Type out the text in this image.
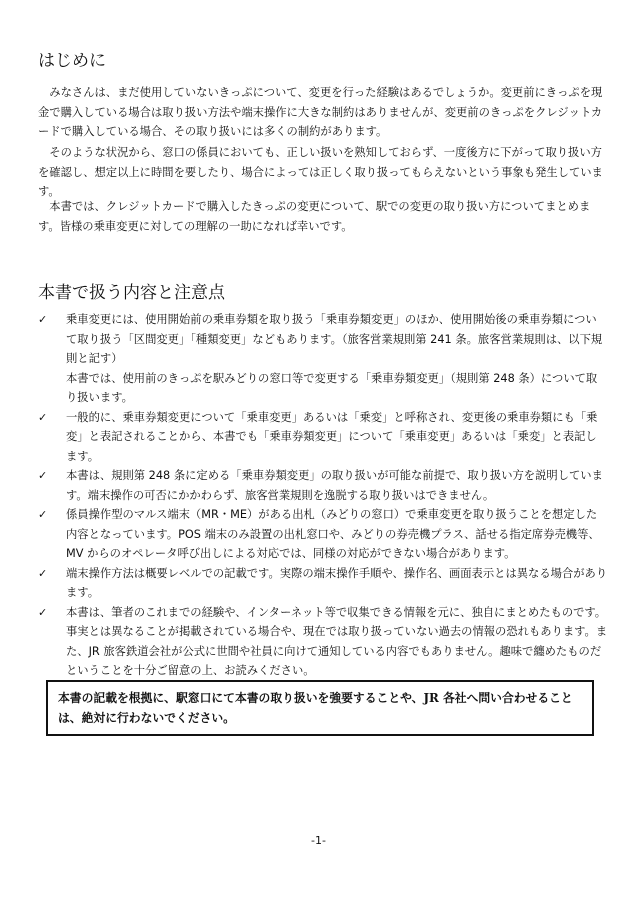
はじめに

みなさんは、まだ使用していないきっぷについて、変更を行った経験はあるでしょうか。変更前にきっぷを現金で購入している場合は取り扱い方法や端末操作に大きな制約はありませんが、変更前のきっぷをクレジットカードで購入している場合、その取り扱いには多くの制約があります。

そのような状況から、窓口の係員においても、正しい扱いを熟知しておらず、一度後方に下がって取り扱い方を確認し、想定以上に時間を要したり、場合によっては正しく取り扱ってもらえないという事象も発生しています。

本書では、クレジットカードで購入したきっぷの変更について、駅での変更の取り扱い方についてまとめます。皆様の乗車変更に対しての理解の一助になれば幸いです。

本書で扱う内容と注意点
✓ 乗車変更には、使用開始前の乗車券類を取り扱う「乗車券類変更」のほか、使用開始後の乗車券類について取り扱う「区間変更」「種類変更」などもあります。（旅客営業規則第 241 条。旅客営業規則は、以下規則と記す）
本書では、使用前のきっぷを駅みどりの窓口等で変更する「乗車券類変更」（規則第 248 条）について取り扱います。
✓ 一般的に、乗車券類変更について「乗車変更」あるいは「乗変」と呼称され、変更後の乗車券類にも「乗変」と表記されることから、本書でも「乗車券類変更」について「乗車変更」あるいは「乗変」と表記します。
✓ 本書は、規則第 248 条に定める「乗車券類変更」の取り扱いが可能な前提で、取り扱い方を説明しています。端末操作の可否にかかわらず、旅客営業規則を逸脱する取り扱いはできません。
✓ 係員操作型のマルス端末（MR・ME）がある出札（みどりの窓口）で乗車変更を取り扱うことを想定した内容となっています。POS 端末のみ設置の出札窓口や、みどりの券売機プラス、話せる指定席券売機等、MV からのオペレータ呼び出しによる対応では、同様の対応ができない場合があります。
✓ 端末操作方法は概要レベルでの記載です。実際の端末操作手順や、操作名、画面表示とは異なる場合があります。
✓ 本書は、筆者のこれまでの経験や、インターネット等で収集できる情報を元に、独自にまとめたものです。事実とは異なることが掲載されている場合や、現在では取り扱っていない過去の情報の恐れもあります。また、JR 旅客鉄道会社が公式に世間や社員に向けて通知している内容でもありません。趣味で纏めたものだということを十分ご留意の上、お読みください。

本書の記載を根拠に、駅窓口にて本書の取り扱いを強要することや、JR 各社へ問い合わせることは、絶対に行わないでください。

-1-
